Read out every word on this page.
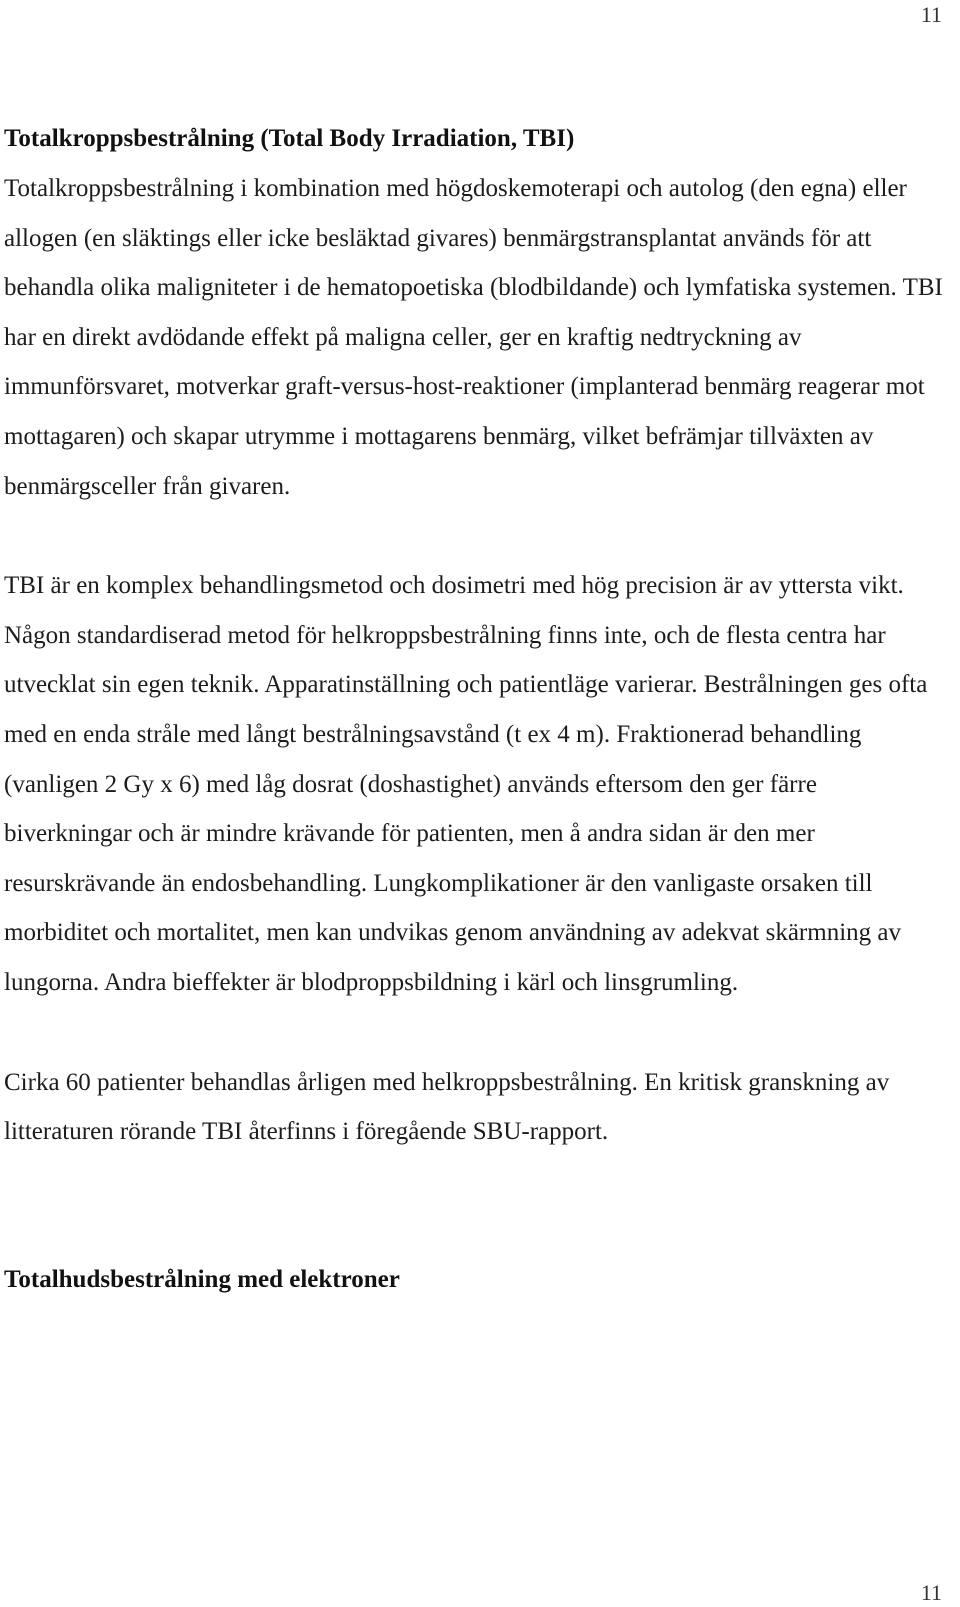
11
Totalkroppsbestrålning (Total Body Irradiation, TBI)

Totalkroppsbestrålning i kombination med högdoskemoterapi och autolog (den egna) eller allogen (en släktings eller icke besläktad givares) benmärgstransplantat används för att behandla olika maligniteter i de hematopoetiska (blodbildande) och lymfatiska systemen. TBI har en direkt avdödande effekt på maligna celler, ger en kraftig nedtryckning av immunförsvaret, motverkar graft-versus-host-reaktioner (implanterad benmärg reagerar mot mottagaren) och skapar utrymme i mottagarens benmärg, vilket befrämjar tillväxten av benmärgsceller från givaren.

TBI är en komplex behandlingsmetod och dosimetri med hög precision är av yttersta vikt. Någon standardiserad metod för helkroppsbestrålning finns inte, och de flesta centra har utvecklat sin egen teknik. Apparatinställning och patientläge varierar. Bestrålningen ges ofta med en enda stråle med långt bestrålningsavstånd (t ex 4 m). Fraktionerad behandling (vanligen 2 Gy x 6) med låg dosrat (doshastighet) används eftersom den ger färre biverkningar och är mindre krävande för patienten, men å andra sidan är den mer resurskrävande än endosbehandling. Lungkomplikationer är den vanligaste orsaken till morbiditet och mortalitet, men kan undvikas genom användning av adekvat skärmning av lungorna. Andra bieffekter är blodproppsbildning i kärl och linsgrumling.

Cirka 60 patienter behandlas årligen med helkroppsbestrålning. En kritisk granskning av litteraturen rörande TBI återfinns i föregående SBU-rapport.

Totalhudsbestrålning med elektroner
11
